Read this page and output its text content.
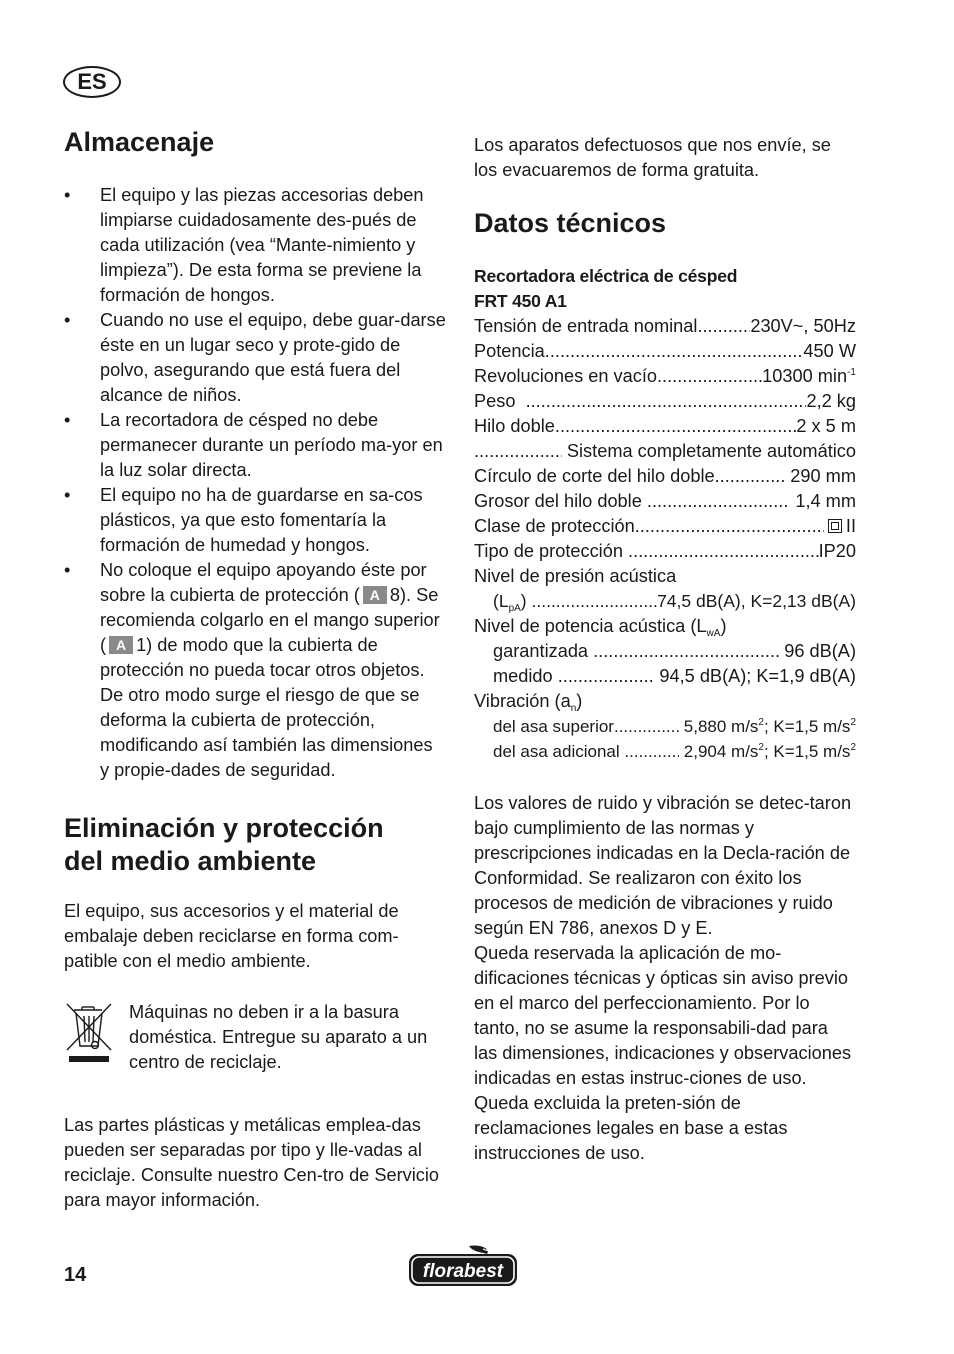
ES
Almacenaje
• El equipo y las piezas accesorias deben limpiarse cuidadosamente des-pués de cada utilización (vea “Mante-nimiento y limpieza”). De esta forma se previene la formación de hongos.
• Cuando no use el equipo, debe guar-darse éste en un lugar seco y prote-gido de polvo, asegurando que está fuera del alcance de niños.
• La recortadora de césped no debe permanecer durante un período ma-yor en la luz solar directa.
• El equipo no ha de guardarse en sa-cos plásticos, ya que esto fomentaría la formación de humedad y hongos.
• No coloque el equipo apoyando éste por sobre la cubierta de protección ( A 8). Se recomienda colgarlo en el mango superior ( A 1) de modo que la cubierta de protección no pueda tocar otros objetos. De otro modo surge el riesgo de que se deforma la cubierta de protección, modificando así también las dimensiones y propie-dades de seguridad.
Eliminación y protección
del medio ambiente

El equipo, sus accesorios y el material de embalaje deben reciclarse en forma com-patible con el medio ambiente.

Máquinas no deben ir a la basura doméstica. Entregue su aparato a un centro de reciclaje.

Las partes plásticas y metálicas emplea-das pueden ser separadas por tipo y lle-vadas al reciclaje. Consulte nuestro Cen-tro de Servicio para mayor información.

Los aparatos defectuosos que nos envíe, se los evacuaremos de forma gratuita.

Datos técnicos
Recortadora eléctrica de césped
FRT 450 A1
Tensión de entrada nominal .....	230V~, 50Hz
Potencia .....	450 W
Revoluciones en vacío .....	10300 $\min^{-1}$
Peso .....	2,2 kg
Hilo doble .....	2 x 5 m
.....
Sistema completamente automático
Círculo de corte del hilo doble .....	290 mm
Grosor del hilo doble .....	1,4 mm
Clase de protección .....	II
Tipo de protección .....	IP20
Nivel de presión acústica
$(L_{pA})$ .....	74,5 dB(A), K=2,13 dB(A)
Nivel de potencia acústica $(L_{wA})$
garantizada .....	96 dB(A)
medido .....	94,5 dB(A); K=1,9 dB(A)
Vibración $(a_n)$
del asa superior .....	5,880 $m/s^2$; K=1,5 $m/s^2$
del asa adicional .....	2,904 $m/s^2$; K=1,5 $m/s^2$

Los valores de ruido y vibración se detec-taron bajo cumplimiento de las normas y prescripciones indicadas en la Decla-ración de Conformidad. Se realizaron con éxito los procesos de medición de vibraciones y ruido según EN 786, anexos D y E.

Queda reservada la aplicación de mo-dificaciones técnicas y ópticas sin aviso previo en el marco del perfeccionamiento. Por lo tanto, no se asume la responsabili-dad para las dimensiones, indicaciones y observaciones indicadas en estas instruc-ciones de uso. Queda excluida la preten-sión de reclamaciones legales en base a estas instrucciones de uso.

14	florabest
